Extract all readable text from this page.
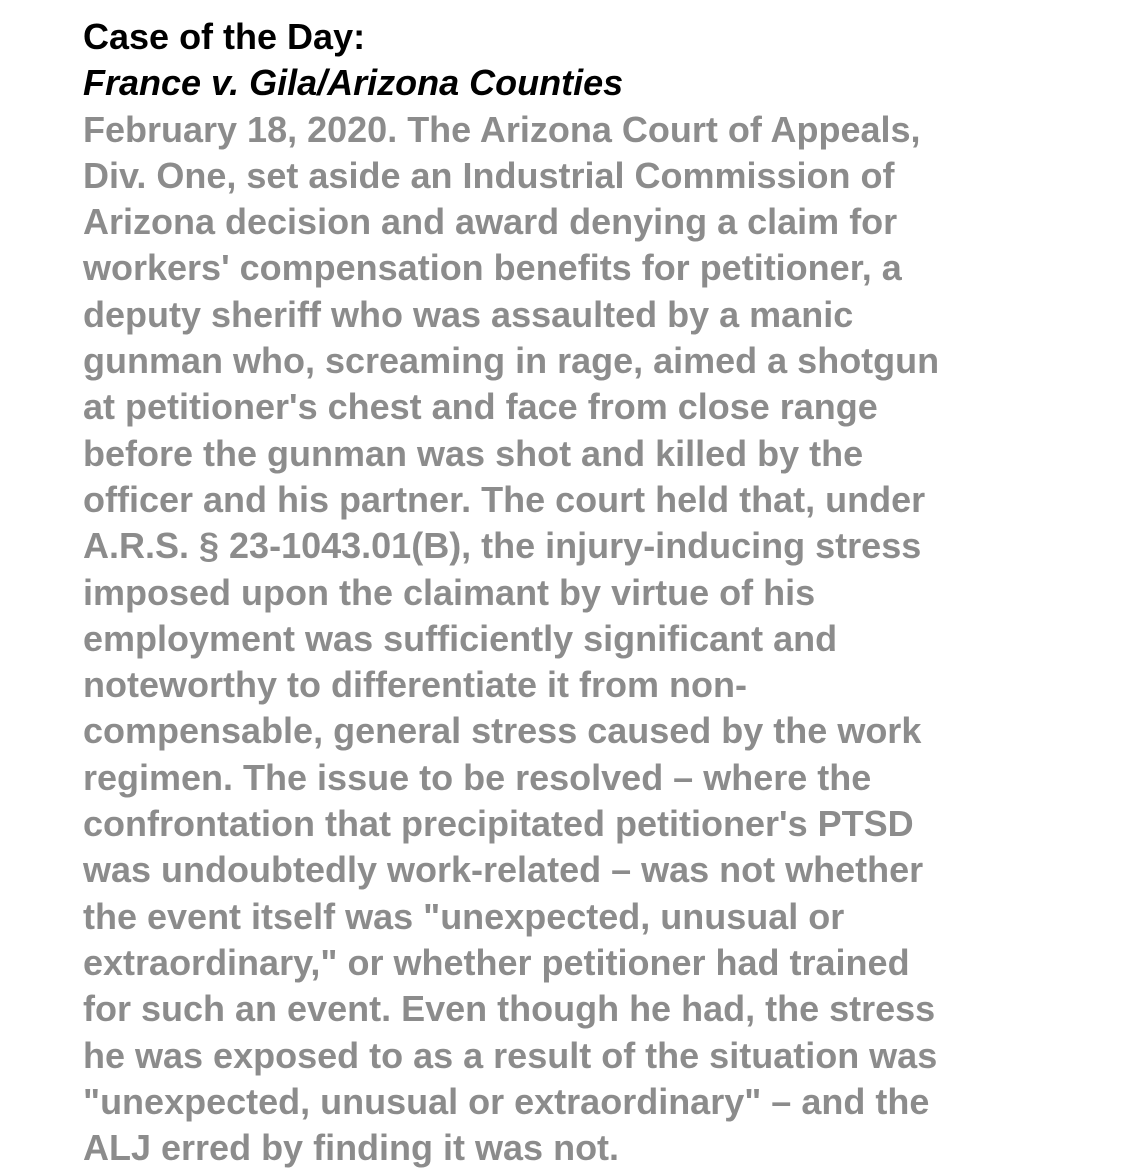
Case of the Day:
France v. Gila/Arizona Counties
February 18, 2020. The Arizona Court of Appeals,
Div. One, set aside an Industrial Commission of
Arizona decision and award denying a claim for
workers' compensation benefits for petitioner, a
deputy sheriff who was assaulted by a manic
gunman who, screaming in rage, aimed a shotgun
at petitioner's chest and face from close range
before the gunman was shot and killed by the
officer and his partner. The court held that, under
A.R.S. § 23-1043.01(B), the injury-inducing stress
imposed upon the claimant by virtue of his
employment was sufficiently significant and
noteworthy to differentiate it from non-
compensable, general stress caused by the work
regimen. The issue to be resolved – where the
confrontation that precipitated petitioner's PTSD
was undoubtedly work-related – was not whether
the event itself was "unexpected, unusual or
extraordinary," or whether petitioner had trained
for such an event. Even though he had, the stress
he was exposed to as a result of the situation was
"unexpected, unusual or extraordinary" – and the
ALJ erred by finding it was not.
